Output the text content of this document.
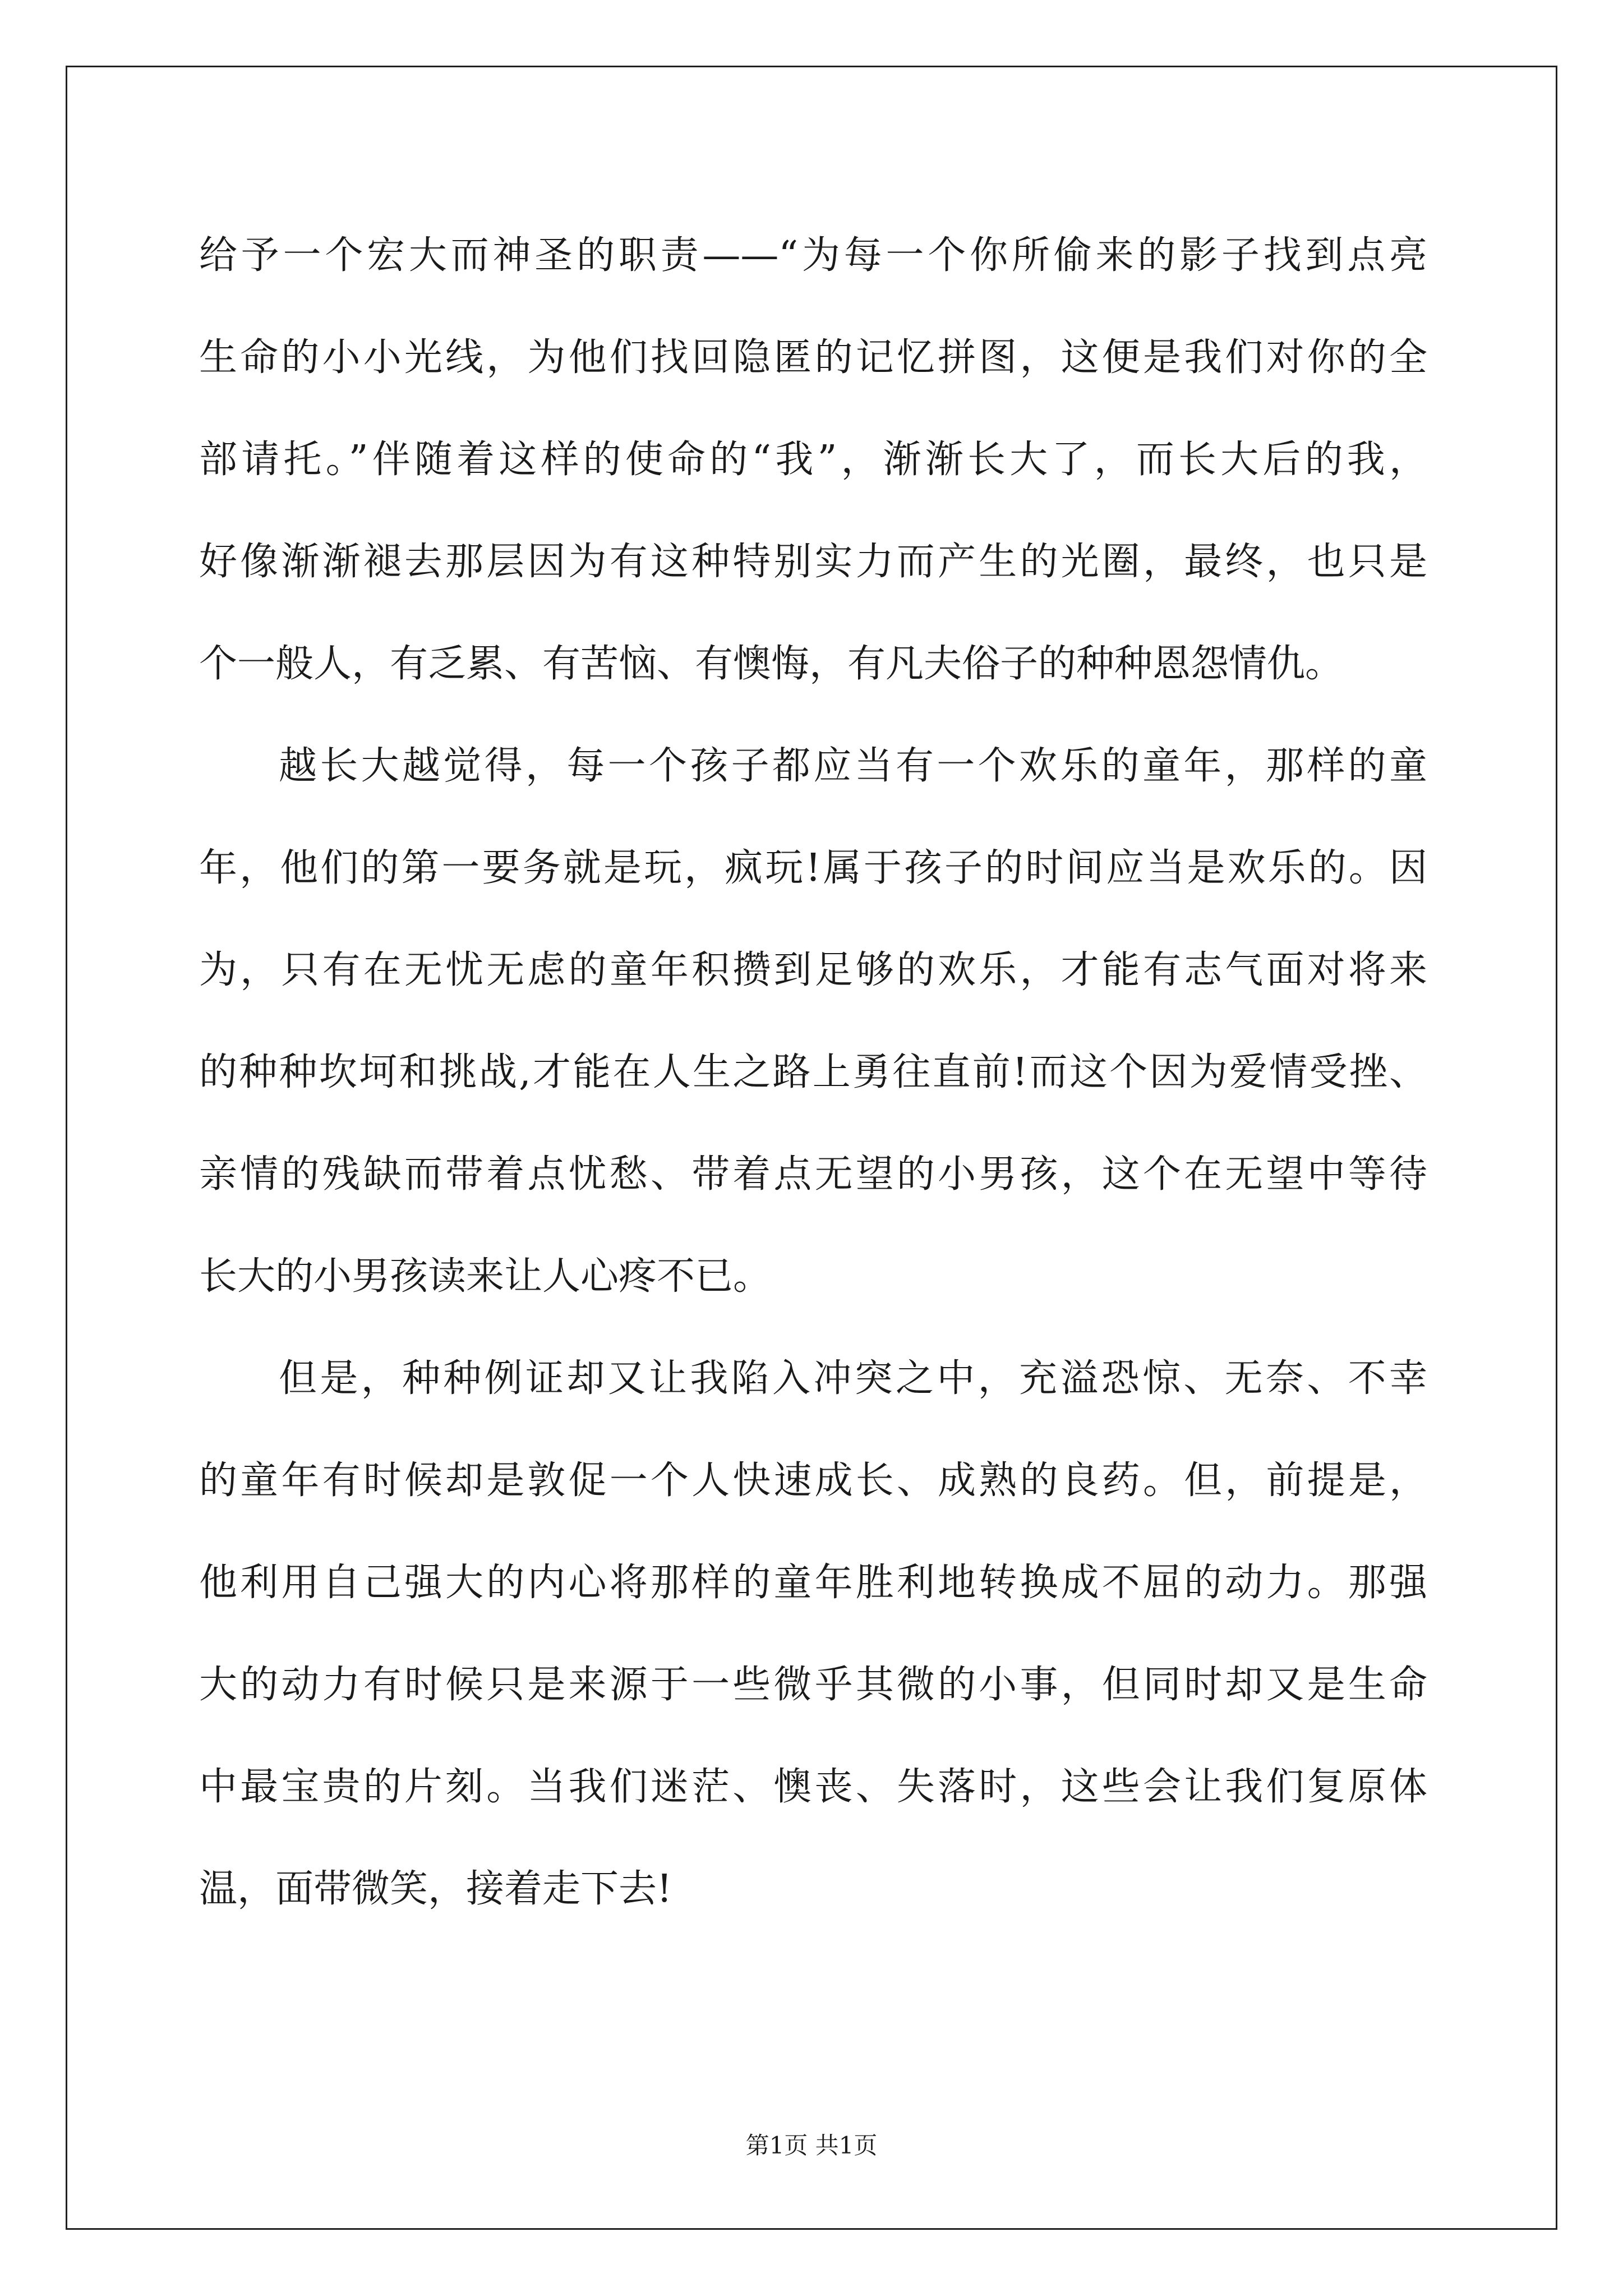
给予一个宏大而神圣的职责——“为每一个你所偷来的影子找到点亮
生命的小小光线，为他们找回隐匿的记忆拼图，这便是我们对你的全
部请托。”伴随着这样的使命的“我”，渐渐长大了，而长大后的我，
好像渐渐褪去那层因为有这种特别实力而产生的光圈，最终，也只是
个一般人，有乏累、有苦恼、有懊悔，有凡夫俗子的种种恩怨情仇。
越长大越觉得，每一个孩子都应当有一个欢乐的童年，那样的童
年，他们的第一要务就是玩，疯玩!属于孩子的时间应当是欢乐的。因
为，只有在无忧无虑的童年积攒到足够的欢乐，才能有志气面对将来
的种种坎坷和挑战,才能在人生之路上勇往直前!而这个因为爱情受挫、
亲情的残缺而带着点忧愁、带着点无望的小男孩，这个在无望中等待
长大的小男孩读来让人心疼不已。
但是，种种例证却又让我陷入冲突之中，充溢恐惊、无奈、不幸
的童年有时候却是敦促一个人快速成长、成熟的良药。但，前提是，
他利用自己强大的内心将那样的童年胜利地转换成不屈的动力。那强
大的动力有时候只是来源于一些微乎其微的小事，但同时却又是生命
中最宝贵的片刻。当我们迷茫、懊丧、失落时，这些会让我们复原体
温，面带微笑，接着走下去!
第1页 共1页
